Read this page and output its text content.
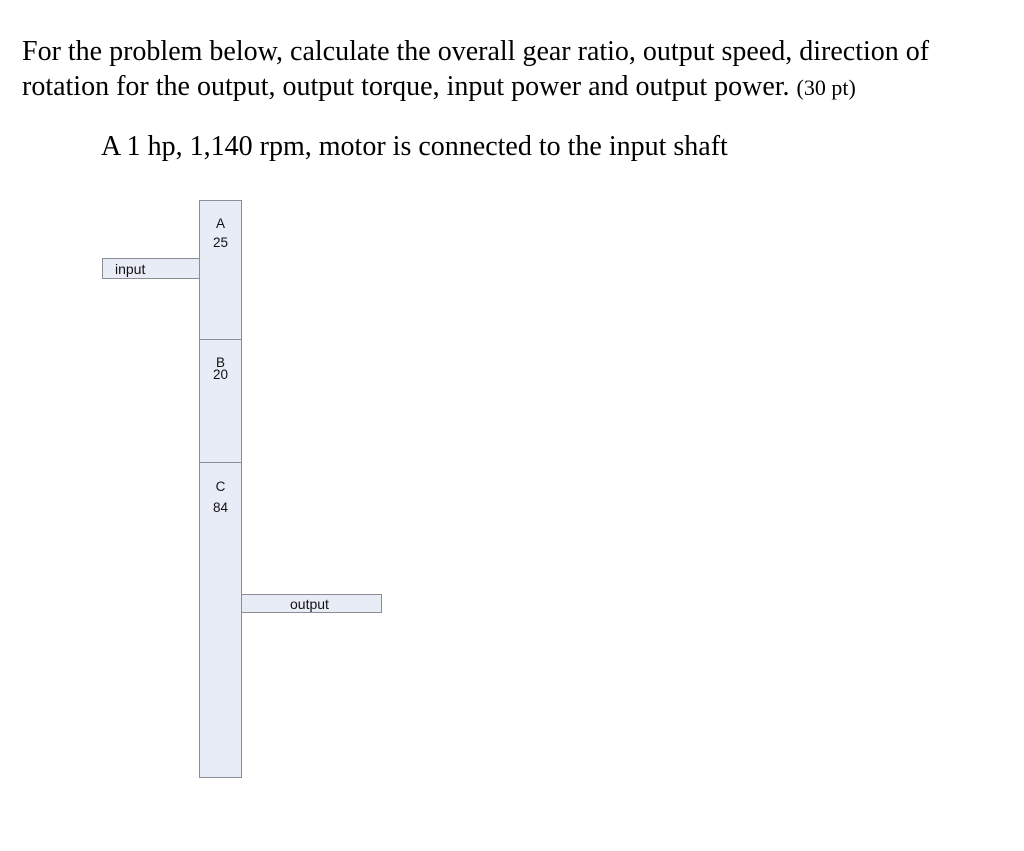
For the problem below, calculate the overall gear ratio, output speed, direction of rotation for the output, output torque, input power and output power. (30 pt)

A 1 hp, 1,140 rpm, motor is connected to the input shaft

input
A
25
B
20
C
84
output
